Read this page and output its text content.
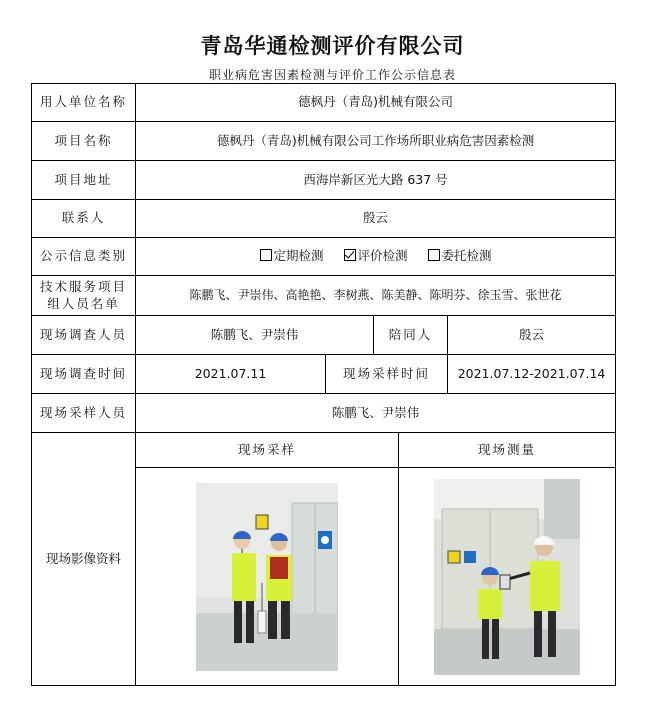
青岛华通检测评价有限公司
职业病危害因素检测与评价工作公示信息表
用人单位名称	德枫丹（青岛)机械有限公司				
项目名称	德枫丹（青岛)机械有限公司工作场所职业病危害因素检测				
项目地址	西海岸新区光大路 637 号				
联系人	殷云				
公示信息类别	定期检测 评价检测 委托检测				
技术服务项目组人员名单	陈鹏飞、尹崇伟、高艳艳、李树燕、陈美静、陈明芬、徐玉雪、张世花				
现场调查人员	陈鹏飞、尹崇伟		陪同人		殷云
现场调查时间	2021.07.11	现场采样时间			2021.07.12-2021.07.14
现场采样人员	陈鹏飞、尹崇伟				
现场影像资料	现场采样			现场测量	
